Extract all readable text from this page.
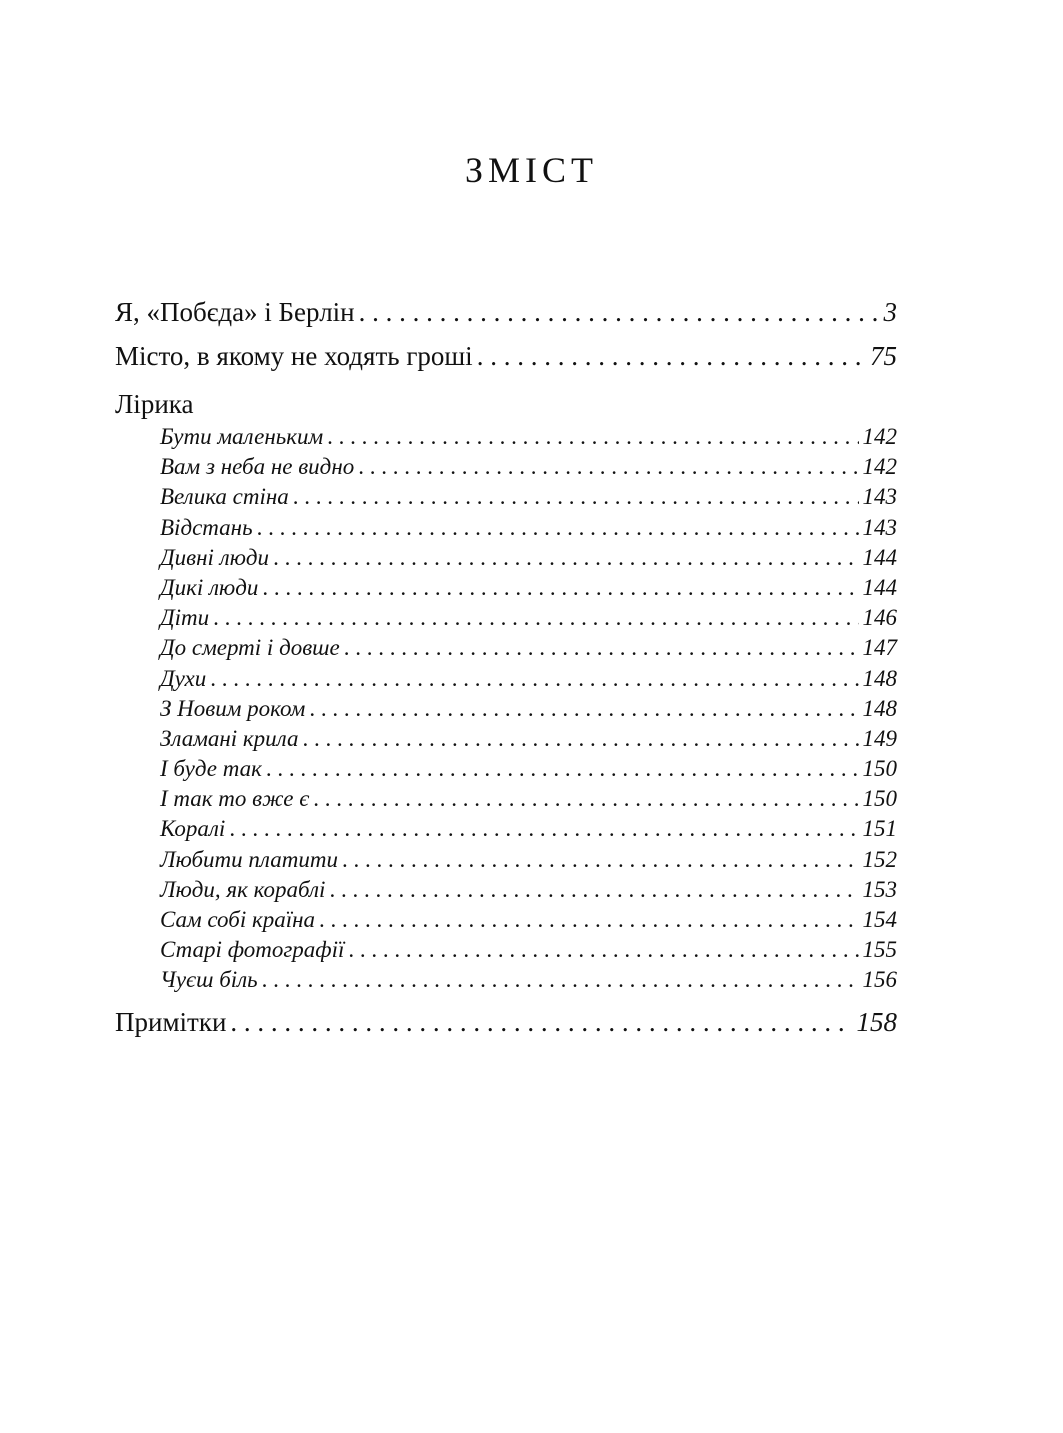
ЗМІСТ
Я, «Побєда» і Берлін . . .	3
Місто, в якому не ходять гроші . . .	75
Лірика
Бути маленьким . . .	142
Вам з неба не видно . . .	142
Велика стіна . . .	143
Відстань . . .	143
Дивні люди . . .	144
Дикі люди . . .	144
Діти . . .	146
До смерті і довше . . .	147
Духи . . .	148
З Новим роком . . .	148
Зламані крила . . .	149
І буде так . . .	150
І так то вже є . . .	150
Коралі . . .	151
Любити платити . . .	152
Люди, як кораблі . . .	153
Сам собі країна . . .	154
Старі фотографії . . .	155
Чуєш біль . . .	156
Примітки . . .	158
